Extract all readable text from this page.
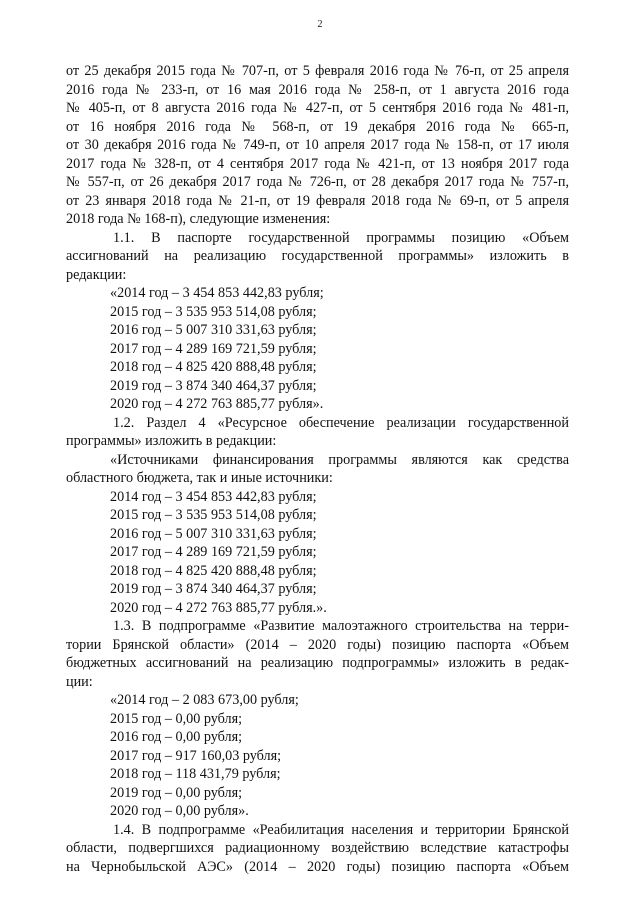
2
от 25 декабря 2015 года № 707-п, от 5 февраля 2016 года № 76-п, от 25 апреля
2016 года № 233-п, от 16 мая 2016 года № 258-п, от 1 августа 2016 года
№ 405-п, от 8 августа 2016 года № 427-п, от 5 сентября 2016 года № 481-п,
от 16 ноября 2016 года № 568-п, от 19 декабря 2016 года № 665-п,
от 30 декабря 2016 года № 749-п, от 10 апреля 2017 года № 158-п, от 17 июля
2017 года № 328-п, от 4 сентября 2017 года № 421-п, от 13 ноября 2017 года
№ 557-п, от 26 декабря 2017 года № 726-п, от 28 декабря 2017 года № 757-п,
от 23 января 2018 года № 21-п, от 19 февраля 2018 года № 69-п, от 5 апреля
2018 года № 168-п), следующие изменения:
1.1. В паспорте государственной программы позицию «Объем
ассигнований на реализацию государственной программы» изложить в
редакции:
«2014 год – 3 454 853 442,83 рубля;
2015 год – 3 535 953 514,08 рубля;
2016 год – 5 007 310 331,63 рубля;
2017 год – 4 289 169 721,59 рубля;
2018 год – 4 825 420 888,48 рубля;
2019 год – 3 874 340 464,37 рубля;
2020 год – 4 272 763 885,77 рубля».
1.2. Раздел 4 «Ресурсное обеспечение реализации государственной
программы» изложить в редакции:
«Источниками финансирования программы являются как средства
областного бюджета, так и иные источники:
2014 год – 3 454 853 442,83 рубля;
2015 год – 3 535 953 514,08 рубля;
2016 год – 5 007 310 331,63 рубля;
2017 год – 4 289 169 721,59 рубля;
2018 год – 4 825 420 888,48 рубля;
2019 год – 3 874 340 464,37 рубля;
2020 год – 4 272 763 885,77 рубля.».
1.3. В подпрограмме «Развитие малоэтажного строительства на терри-
тории Брянской области» (2014 – 2020 годы) позицию паспорта «Объем
бюджетных ассигнований на реализацию подпрограммы» изложить в редак-
ции:
«2014 год – 2 083 673,00 рубля;
2015 год – 0,00 рубля;
2016 год – 0,00 рубля;
2017 год – 917 160,03 рубля;
2018 год – 118 431,79 рубля;
2019 год – 0,00 рубля;
2020 год – 0,00 рубля».
1.4. В подпрограмме «Реабилитация населения и территории Брянской
области, подвергшихся радиационному воздействию вследствие катастрофы
на Чернобыльской АЭС» (2014 – 2020 годы) позицию паспорта «Объем
